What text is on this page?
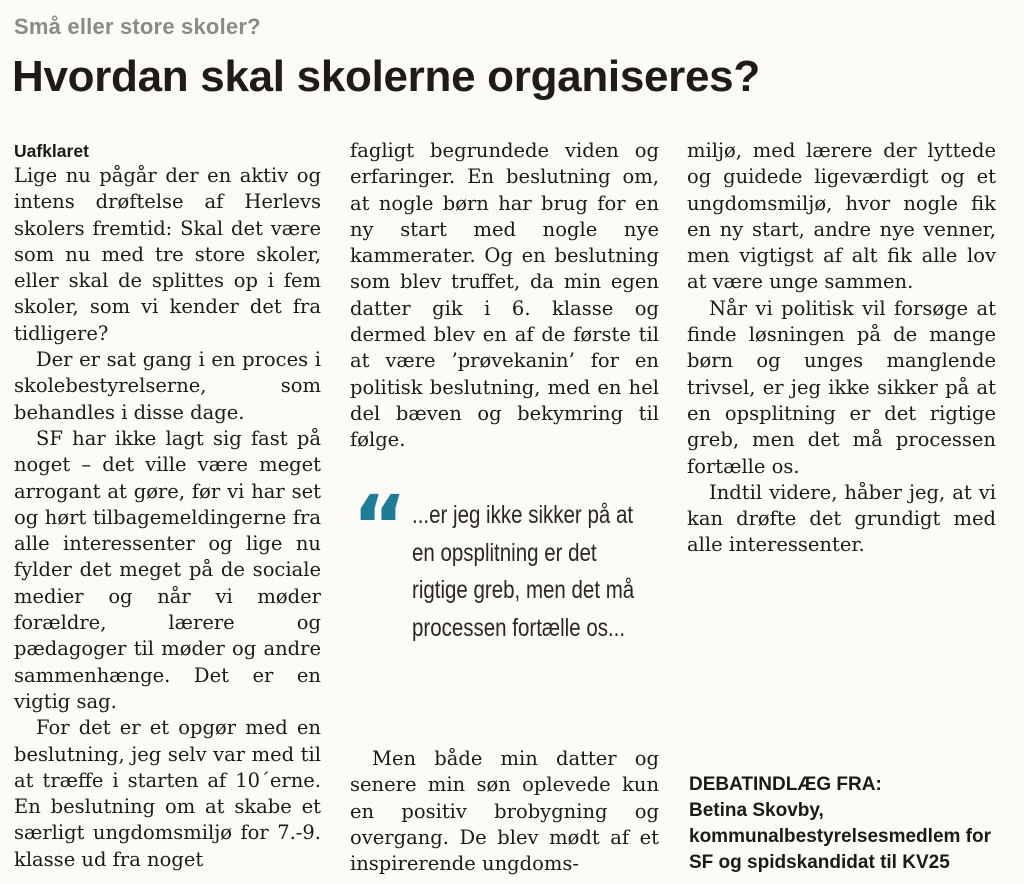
Små eller store skoler?
Hvordan skal skolerne organiseres?
Uafklaret

Lige nu pågår der en aktiv og intens drøftelse af Herlevs skolers fremtid: Skal det være som nu med tre store skoler, eller skal de splittes op i fem skoler, som vi kender det fra tidligere?

Der er sat gang i en proces i skolebestyrelserne, som behandles i disse dage.

SF har ikke lagt sig fast på noget – det ville være meget arrogant at gøre, før vi har set og hørt tilbagemeldingerne fra alle interessenter og lige nu fylder det meget på de sociale medier og når vi møder forældre, lærere og pædagoger til møder og andre sammenhænge. Det er en vigtig sag.

For det er et opgør med en beslutning, jeg selv var med til at træffe i starten af 10´erne. En beslutning om at skabe et særligt ungdomsmiljø for 7.-9. klasse ud fra noget

fagligt begrundede viden og erfaringer. En beslutning om, at nogle børn har brug for en ny start med nogle nye kammerater. Og en beslutning som blev truffet, da min egen datter gik i 6. klasse og dermed blev en af de første til at være ’prøvekanin’ for en politisk beslutning, med en hel del bæven og bekymring til følge.

“ ...er jeg ikke sikker på at en opsplitning er det rigtige greb, men det må processen fortælle os...

Men både min datter og senere min søn oplevede kun en positiv brobygning og overgang. De blev mødt af et inspirerende ungdoms-

miljø, med lærere der lyttede og guidede ligeværdigt og et ungdomsmiljø, hvor nogle fik en ny start, andre nye venner, men vigtigst af alt fik alle lov at være unge sammen.

Når vi politisk vil forsøge at finde løsningen på de mange børn og unges manglende trivsel, er jeg ikke sikker på at en opsplitning er det rigtige greb, men det må processen fortælle os.

Indtil videre, håber jeg, at vi kan drøfte det grundigt med alle interessenter.

DEBATINDLÆG FRA:
Betina Skovby, kommunalbestyrelsesmedlem for SF og spidskandidat til KV25
